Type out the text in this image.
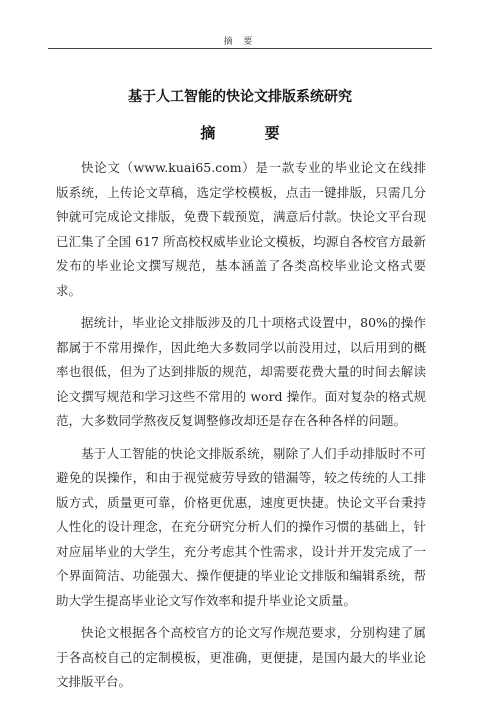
摘 要
基于人工智能的快论文排版系统研究
摘 要

快论文（www.kuai65.com）是一款专业的毕业论文在线排版系统，上传论文草稿，选定学校模板，点击一键排版，只需几分钟就可完成论文排版，免费下载预览，满意后付款。快论文平台现已汇集了全国 617 所高校权威毕业论文模板，均源自各校官方最新发布的毕业论文撰写规范，基本涵盖了各类高校毕业论文格式要求。

据统计，毕业论文排版涉及的几十项格式设置中，80%的操作都属于不常用操作，因此绝大多数同学以前没用过，以后用到的概率也很低，但为了达到排版的规范，却需要花费大量的时间去解读论文撰写规范和学习这些不常用的 word 操作。面对复杂的格式规范，大多数同学熬夜反复调整修改却还是存在各种各样的问题。

基于人工智能的快论文排版系统，剔除了人们手动排版时不可避免的误操作，和由于视觉疲劳导致的错漏等，较之传统的人工排版方式，质量更可靠，价格更优惠，速度更快捷。快论文平台秉持人性化的设计理念，在充分研究分析人们的操作习惯的基础上，针对应届毕业的大学生，充分考虑其个性需求，设计并开发完成了一个界面简洁、功能强大、操作便捷的毕业论文排版和编辑系统，帮助大学生提高毕业论文写作效率和提升毕业论文质量。

快论文根据各个高校官方的论文写作规范要求，分别构建了属于各高校自己的定制模板，更准确，更便捷，是国内最大的毕业论文排版平台。
